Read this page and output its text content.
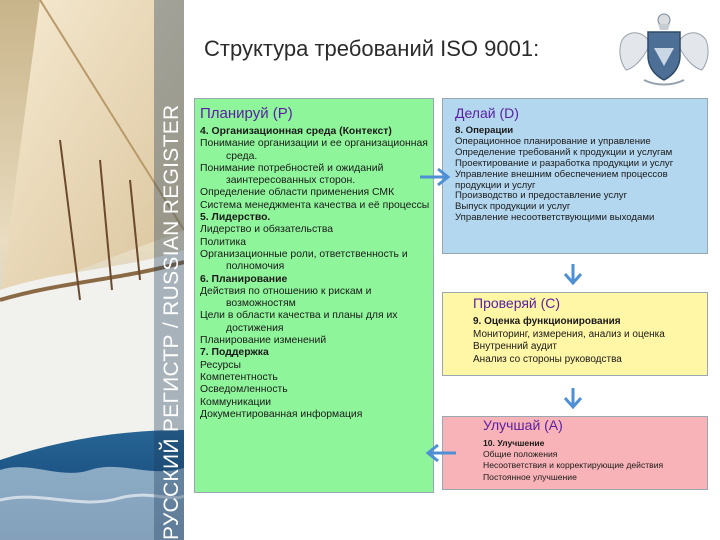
РУССКИЙ РЕГИСТР / RUSSIAN REGISTER
Структура требований ISO 9001:
Планируй (Р)
4. Организационная среда (Контекст)
Понимание организации и ее организационная
среда.
Понимание потребностей и ожиданий
заинтересованных сторон.
Определение области применения СМК
Система менеджмента качества и её процессы
5. Лидерство.
Лидерство и обязательства
Политика
Организационные роли, ответственность и
полномочия
6. Планирование
Действия по отношению к рискам и
возможностям
Цели в области качества и планы для их
достижения
Планирование изменений
7. Поддержка
Ресурсы
Компетентность
Осведомленность
Коммуникации
Документированная информация
Делай (D)
8. Операции
Операционное планирование и управление
Определение требований к продукции и услугам
Проектирование и разработка продукции и услуг
Управление внешним обеспечением процессов
продукции и услуг
Производство и предоставление услуг
Выпуск продукции и услуг
Управление несоответствующими выходами
Проверяй (С)
9. Оценка функционирования
Мониторинг, измерения, анализ и оценка
Внутренний аудит
Анализ со стороны руководства
Улучшай (А)
10. Улучшение
Общие положения
Несоответствия и корректирующие действия
Постоянное улучшение
